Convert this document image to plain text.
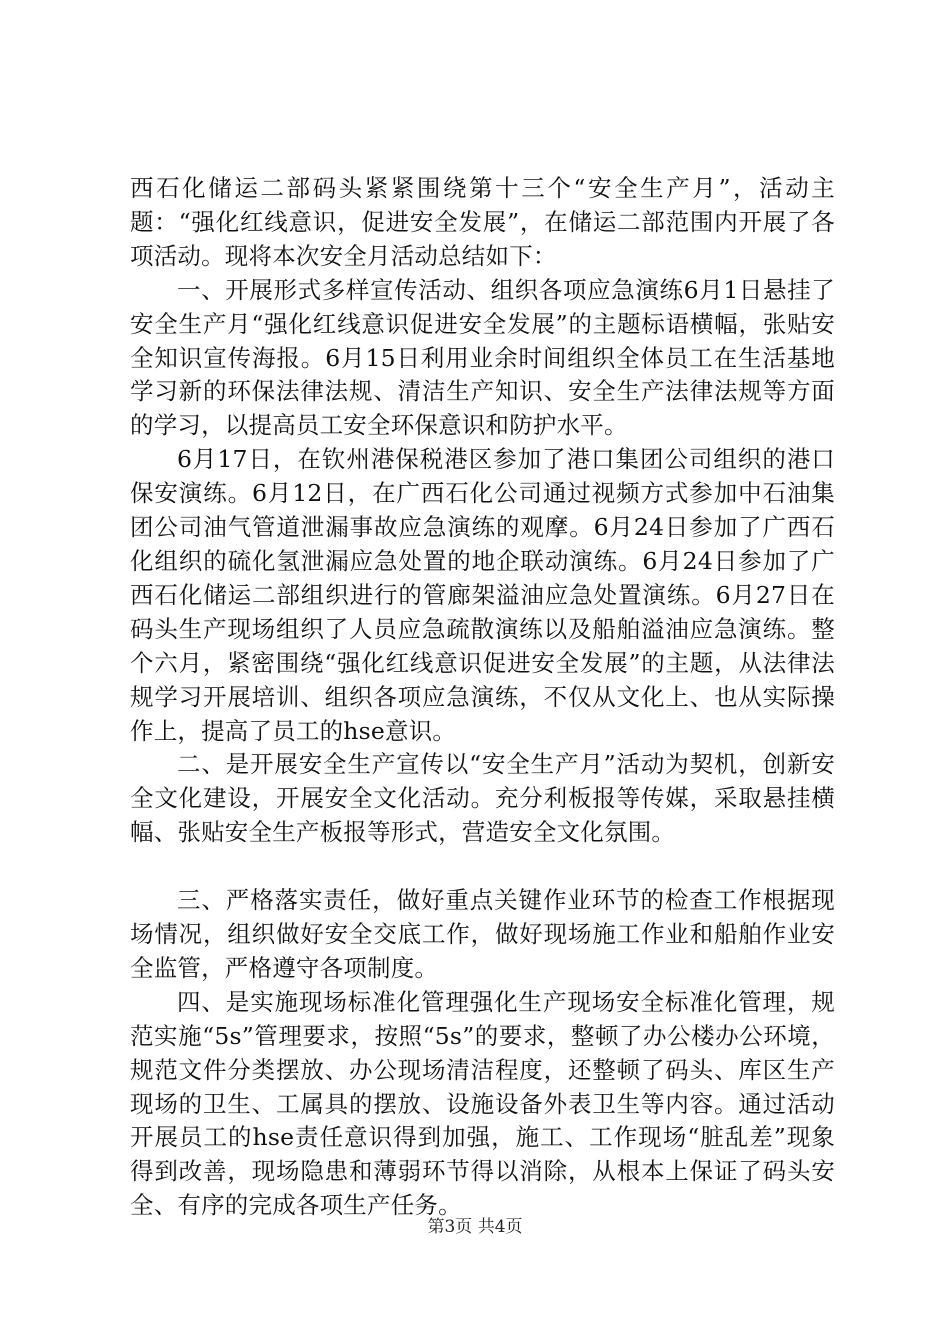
西石化储运二部码头紧紧围绕第十三个“安全生产月”，活动主题：“强化红线意识，促进安全发展”，在储运二部范围内开展了各项活动。现将本次安全月活动总结如下：

一、开展形式多样宣传活动、组织各项应急演练6月1日悬挂了安全生产月“强化红线意识促进安全发展”的主题标语横幅，张贴安全知识宣传海报。6月15日利用业余时间组织全体员工在生活基地学习新的环保法律法规、清洁生产知识、安全生产法律法规等方面的学习，以提高员工安全环保意识和防护水平。

6月17日，在钦州港保税港区参加了港口集团公司组织的港口保安演练。6月12日，在广西石化公司通过视频方式参加中石油集团公司油气管道泄漏事故应急演练的观摩。6月24日参加了广西石化组织的硫化氢泄漏应急处置的地企联动演练。6月24日参加了广西石化储运二部组织进行的管廊架溢油应急处置演练。6月27日在码头生产现场组织了人员应急疏散演练以及船舶溢油应急演练。整个六月，紧密围绕“强化红线意识促进安全发展”的主题，从法律法规学习开展培训、组织各项应急演练，不仅从文化上、也从实际操作上，提高了员工的hse意识。

二、是开展安全生产宣传以“安全生产月”活动为契机，创新安全文化建设，开展安全文化活动。充分利板报等传媒，采取悬挂横幅、张贴安全生产板报等形式，营造安全文化氛围。

三、严格落实责任，做好重点关键作业环节的检查工作根据现场情况，组织做好安全交底工作，做好现场施工作业和船舶作业安全监管，严格遵守各项制度。

四、是实施现场标准化管理强化生产现场安全标准化管理，规范实施“5s”管理要求，按照“5s”的要求，整顿了办公楼办公环境，规范文件分类摆放、办公现场清洁程度，还整顿了码头、库区生产现场的卫生、工属具的摆放、设施设备外表卫生等内容。通过活动开展员工的hse责任意识得到加强，施工、工作现场“脏乱差”现象得到改善，现场隐患和薄弱环节得以消除，从根本上保证了码头安全、有序的完成各项生产任务。

第3页 共4页
